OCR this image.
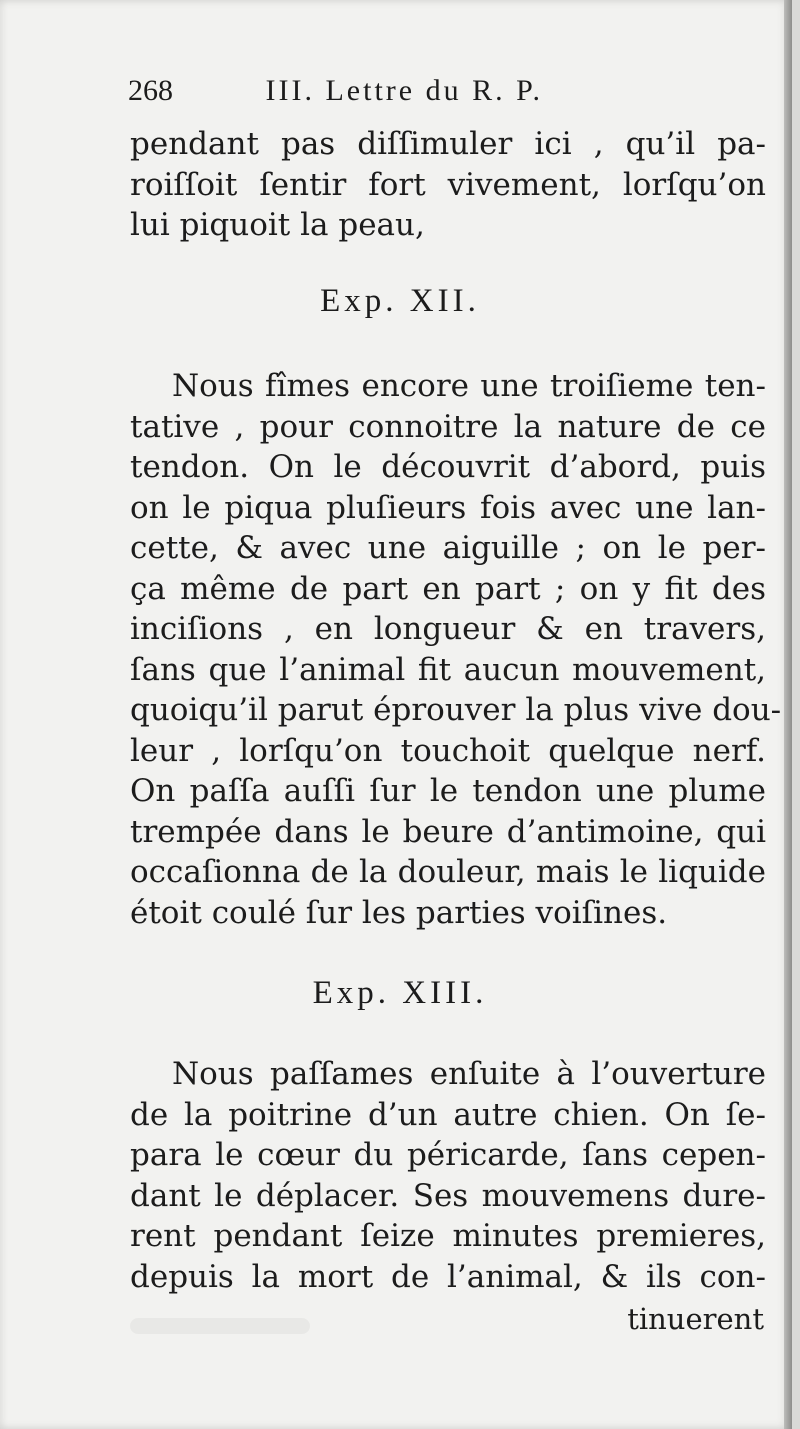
268	III. Lettre du R. P.
pendant pas diſſimuler ici , qu’il pa-
roiſſoit ſentir fort vivement, lorſqu’on
lui piquoit la peau,
Exp. XII.
Nous fîmes encore une troiſieme ten-
tative , pour connoitre la nature de ce
tendon. On le découvrit d’abord, puis
on le piqua pluſieurs fois avec une lan-
cette, & avec une aiguille ; on le per-
ça même de part en part ; on y fit des
inciſions , en longueur & en travers,
ſans que l’animal fit aucun mouvement,
quoiqu’il parut éprouver la plus vive dou-
leur , lorſqu’on touchoit quelque nerf.
On paſſa auſſi ſur le tendon une plume
trempée dans le beure d’antimoine, qui
occaſionna de la douleur, mais le liquide
étoit coulé ſur les parties voiſines.
Exp. XIII.
Nous paſſames enſuite à l’ouverture
de la poitrine d’un autre chien. On ſe-
para le cœur du péricarde, ſans cepen-
dant le déplacer. Ses mouvemens dure-
rent pendant ſeize minutes premieres,
depuis la mort de l’animal, & ils con-
tinuerent
